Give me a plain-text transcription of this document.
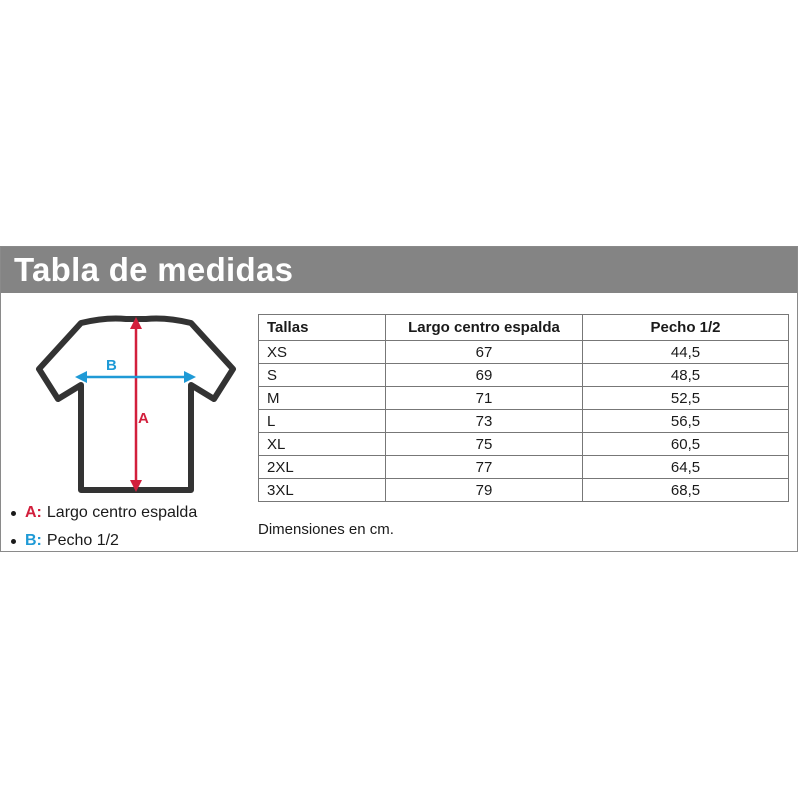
Tabla de medidas
A
B
A: Largo centro espalda
B: Pecho 1/2
Tallas	Largo centro espalda	Pecho 1/2
XS	67	44,5
S	69	48,5
M	71	52,5
L	73	56,5
XL	75	60,5
2XL	77	64,5
3XL	79	68,5
Dimensiones en cm.
